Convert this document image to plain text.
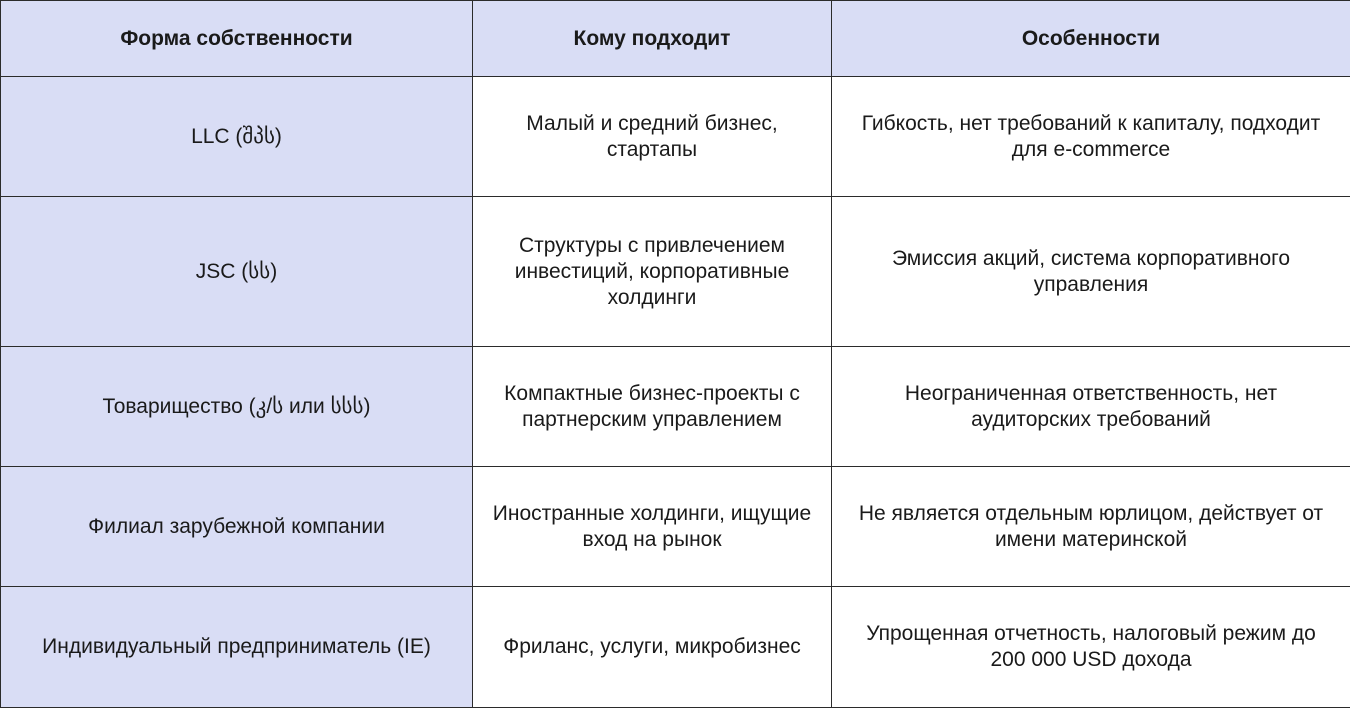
Форма собственности	Кому подходит	Особенности
LLC (შპს)	Малый и средний бизнес, стартапы	Гибкость, нет требований к капиталу, подходит для e-commerce
JSC (სს)	Структуры с привлечением инвестиций, корпоративные холдинги	Эмиссия акций, система корпоративного управления
Товарищество (კ/ს или სსს)	Компактные бизнес-проекты с партнерским управлением	Неограниченная ответственность, нет аудиторских требований
Филиал зарубежной компании	Иностранные холдинги, ищущие вход на рынок	Не является отдельным юрлицом, действует от имени материнской
Индивидуальный предприниматель (IE)	Фриланс, услуги, микробизнес	Упрощенная отчетность, налоговый режим до 200 000 USD дохода
